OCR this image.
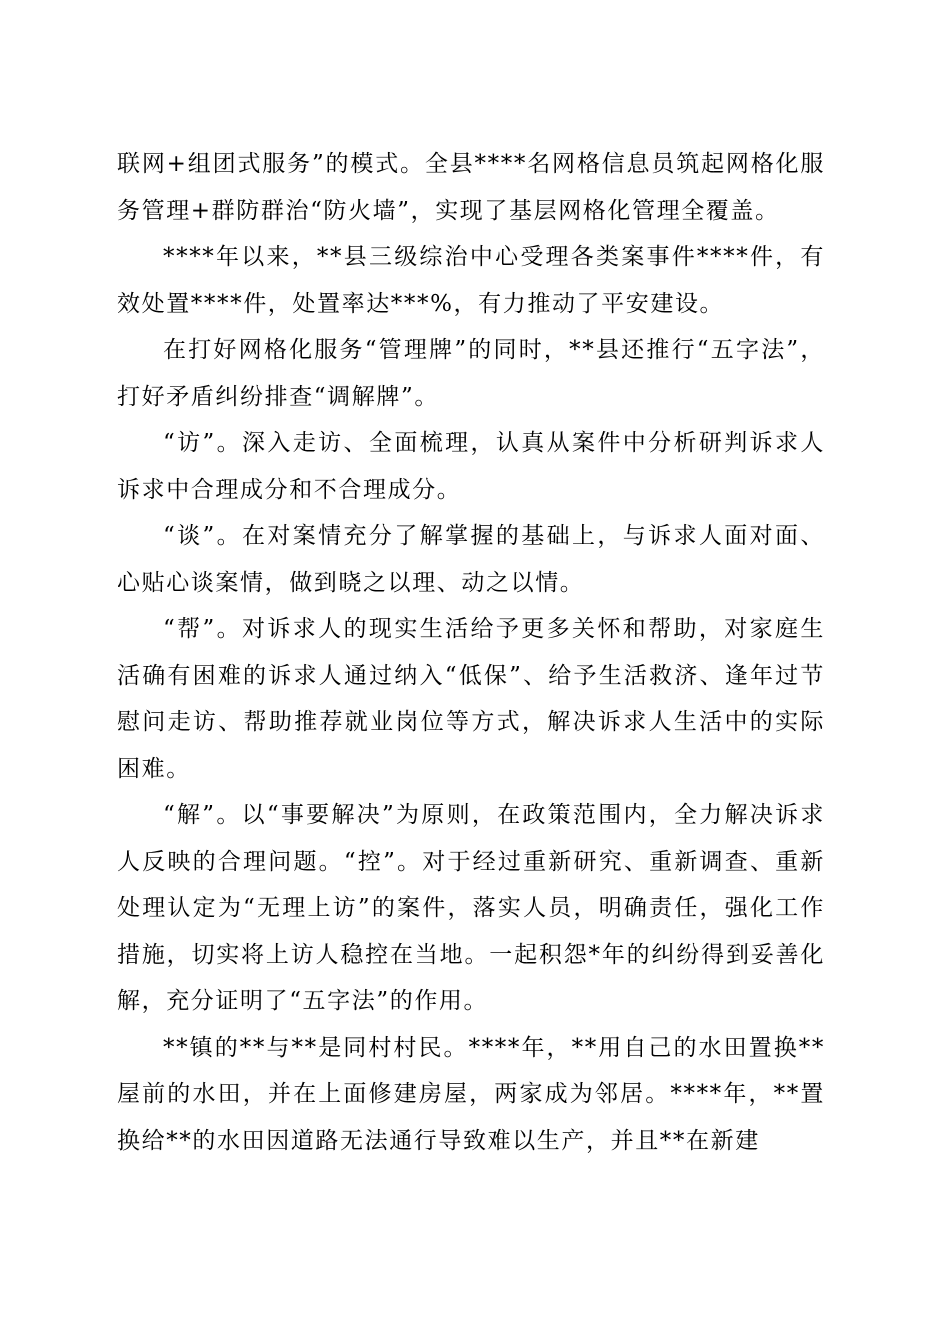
联网+组团式服务”的模式。全县****名网格信息员筑起网格化服务管理+群防群治“防火墙”，实现了基层网格化管理全覆盖。

****年以来，**县三级综治中心受理各类案事件****件，有效处置****件，处置率达***%，有力推动了平安建设。

在打好网格化服务“管理牌”的同时，**县还推行“五字法”，打好矛盾纠纷排查“调解牌”。

“访”。深入走访、全面梳理，认真从案件中分析研判诉求人诉求中合理成分和不合理成分。

“谈”。在对案情充分了解掌握的基础上，与诉求人面对面、心贴心谈案情，做到晓之以理、动之以情。

“帮”。对诉求人的现实生活给予更多关怀和帮助，对家庭生活确有困难的诉求人通过纳入“低保”、给予生活救济、逢年过节慰问走访、帮助推荐就业岗位等方式，解决诉求人生活中的实际困难。

“解”。以“事要解决”为原则，在政策范围内，全力解决诉求人反映的合理问题。“控”。对于经过重新研究、重新调查、重新处理认定为“无理上访”的案件，落实人员，明确责任，强化工作措施，切实将上访人稳控在当地。一起积怨*年的纠纷得到妥善化解，充分证明了“五字法”的作用。

**镇的**与**是同村村民。****年，**用自己的水田置换**屋前的水田，并在上面修建房屋，两家成为邻居。****年，**置换给**的水田因道路无法通行导致难以生产，并且**在新建
